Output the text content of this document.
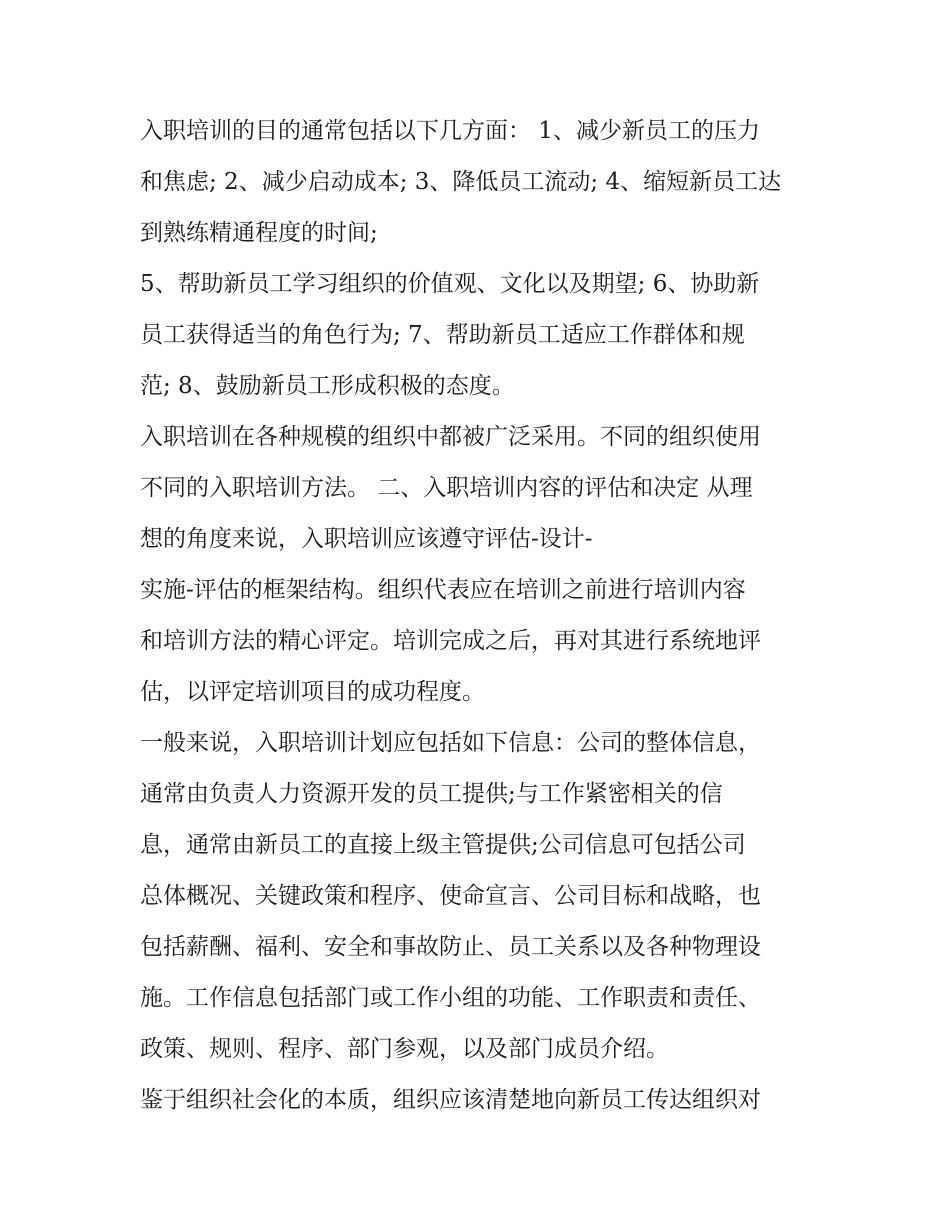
入职培训的目的通常包括以下几方面： 1、减少新员工的压力
和焦虑; 2、减少启动成本; 3、降低员工流动; 4、缩短新员工达
到熟练精通程度的时间;
5、帮助新员工学习组织的价值观、文化以及期望; 6、协助新
员工获得适当的角色行为; 7、帮助新员工适应工作群体和规
范; 8、鼓励新员工形成积极的态度。
入职培训在各种规模的组织中都被广泛采用。不同的组织使用
不同的入职培训方法。 二、入职培训内容的评估和决定 从理
想的角度来说，入职培训应该遵守评估-设计-
实施-评估的框架结构。组织代表应在培训之前进行培训内容
和培训方法的精心评定。培训完成之后，再对其进行系统地评
估，以评定培训项目的成功程度。
一般来说，入职培训计划应包括如下信息：公司的整体信息，
通常由负责人力资源开发的员工提供;与工作紧密相关的信
息，通常由新员工的直接上级主管提供;公司信息可包括公司
总体概况、关键政策和程序、使命宣言、公司目标和战略，也
包括薪酬、福利、安全和事故防止、员工关系以及各种物理设
施。工作信息包括部门或工作小组的功能、工作职责和责任、
政策、规则、程序、部门参观，以及部门成员介绍。
鉴于组织社会化的本质，组织应该清楚地向新员工传达组织对
